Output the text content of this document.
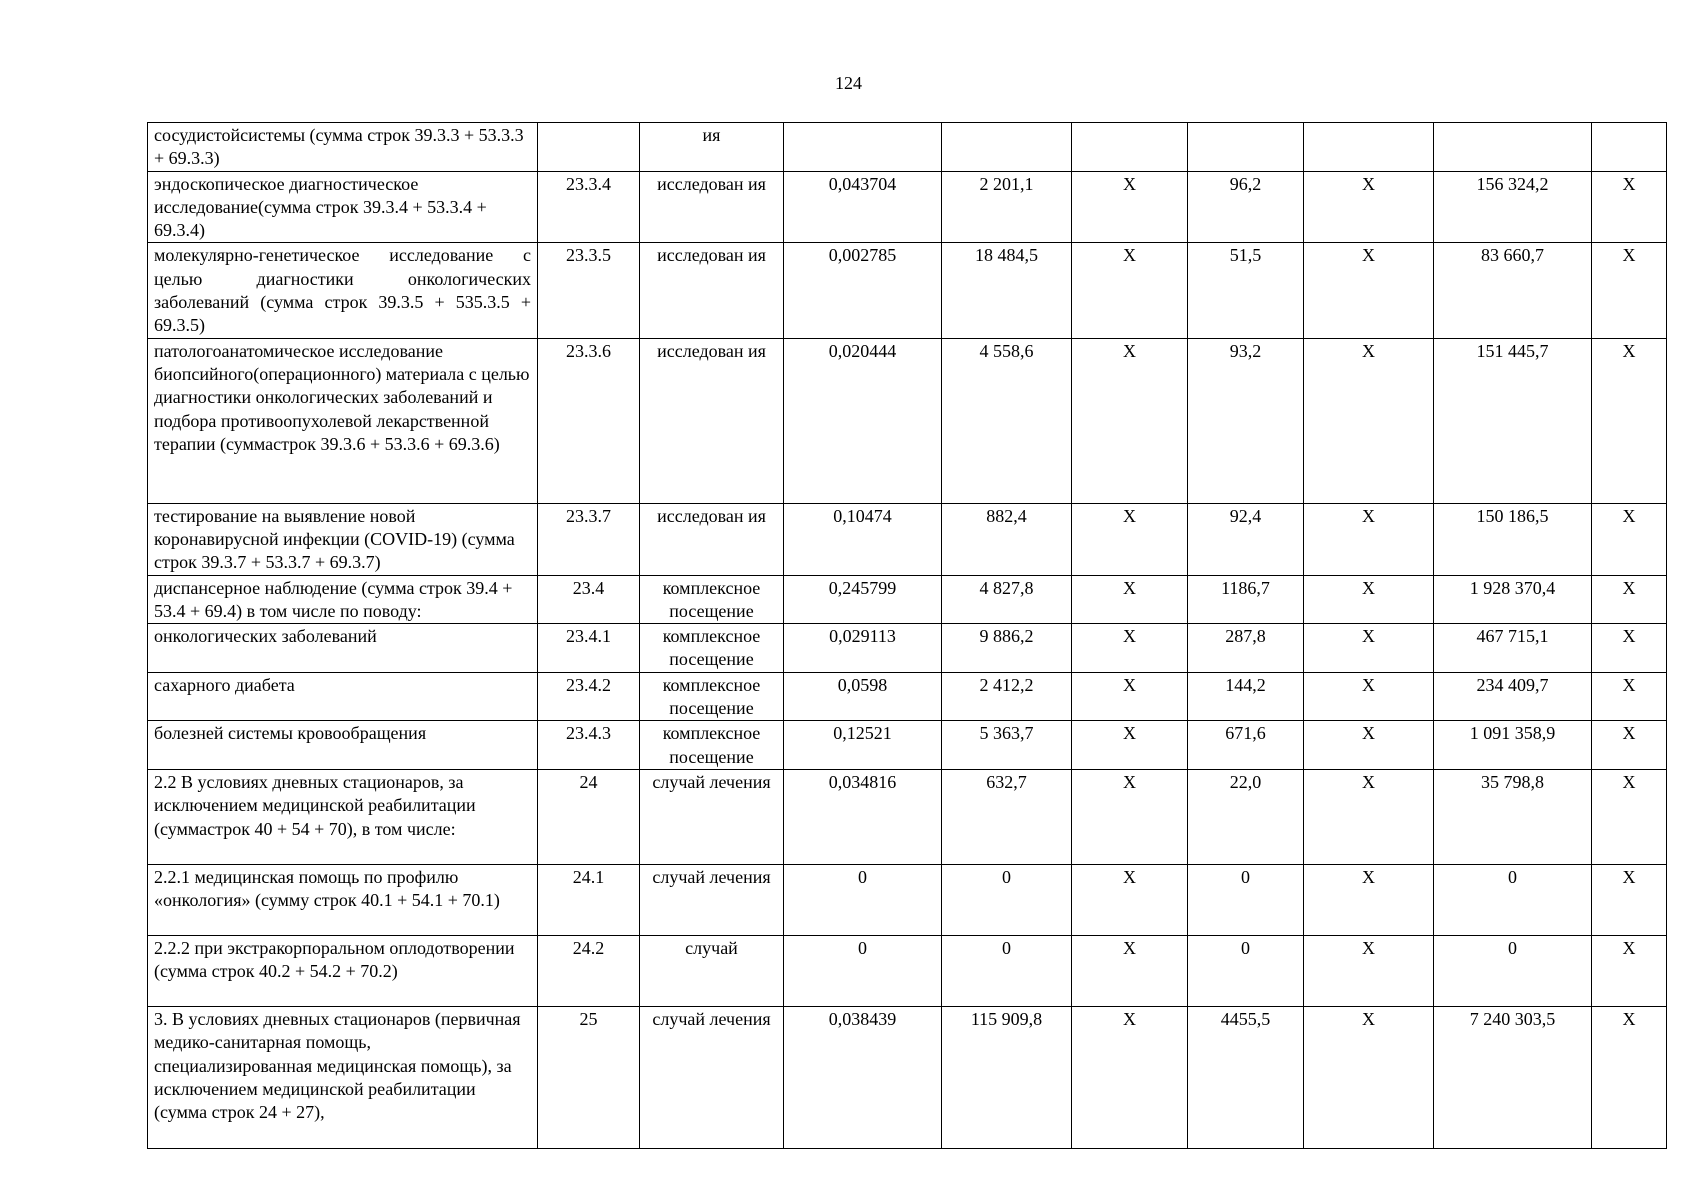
124
сосудистойсистемы (сумма строк 39.3.3 + 53.3.3 + 69.3.3)		ия							
эндоскопическое диагностическое исследование(сумма строк 39.3.4 + 53.3.4 + 69.3.4)	23.3.4	исследован ия	0,043704	2 201,1	Х	96,2	Х	156 324,2	Х
молекулярно-генетическое исследование с целью диагностики онкологических заболеваний (сумма строк 39.3.5 + 535.3.5 + 69.3.5)	23.3.5	исследован ия	0,002785	18 484,5	Х	51,5	Х	83 660,7	Х
патологоанатомическое исследование биопсийного(операционного) материала с целью диагностики онкологических заболеваний и подбора противоопухолевой лекарственной терапии (суммастрок 39.3.6 + 53.3.6 + 69.3.6)	23.3.6	исследован ия	0,020444	4 558,6	Х	93,2	Х	151 445,7	Х
тестирование на выявление новой коронавирусной инфекции (COVID-19) (сумма строк 39.3.7 + 53.3.7 + 69.3.7)	23.3.7	исследован ия	0,10474	882,4	Х	92,4	Х	150 186,5	Х
диспансерное наблюдение (сумма строк 39.4 + 53.4 + 69.4) в том числе по поводу:	23.4	комплексное посещение	0,245799	4 827,8	Х	1186,7	Х	1 928 370,4	Х
онкологических заболеваний	23.4.1	комплексное посещение	0,029113	9 886,2	Х	287,8	Х	467 715,1	Х
сахарного диабета	23.4.2	комплексное посещение	0,0598	2 412,2	Х	144,2	Х	234 409,7	Х
болезней системы кровообращения	23.4.3	комплексное посещение	0,12521	5 363,7	Х	671,6	Х	1 091 358,9	Х
2.2 В условиях дневных стационаров, за исключением медицинской реабилитации (суммастрок 40 + 54 + 70), в том числе:	24	случай лечения	0,034816	632,7	Х	22,0	Х	35 798,8	Х
2.2.1 медицинская помощь по профилю «онкология» (сумму строк 40.1 + 54.1 + 70.1)	24.1	случай лечения	0	0	Х	0	Х	0	Х
2.2.2 при экстракорпоральном оплодотворении (сумма строк 40.2 + 54.2 + 70.2)	24.2	случай	0	0	Х	0	Х	0	Х
3. В условиях дневных стационаров (первичная медико-санитарная помощь, специализированная медицинская помощь), за исключением медицинской реабилитации (сумма строк 24 + 27),	25	случай лечения	0,038439	115 909,8	Х	4455,5	Х	7 240 303,5	Х
